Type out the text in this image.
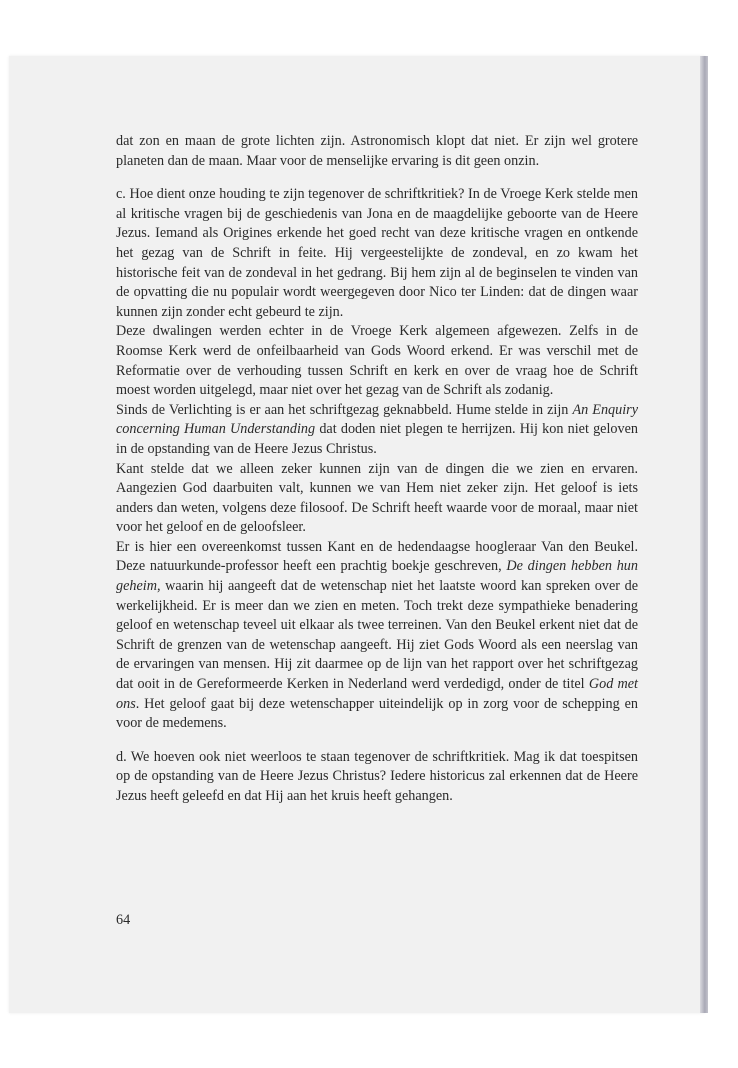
dat zon en maan de grote lichten zijn. Astronomisch klopt dat niet. Er zijn wel grotere planeten dan de maan. Maar voor de menselijke ervaring is dit geen onzin.

c. Hoe dient onze houding te zijn tegenover de schriftkritiek? In de Vroege Kerk stelde men al kritische vragen bij de geschiedenis van Jona en de maagdelijke geboorte van de Heere Jezus. Iemand als Origines erkende het goed recht van deze kritische vragen en ontkende het gezag van de Schrift in feite. Hij vergeestelijkte de zondeval, en zo kwam het historische feit van de zondeval in het gedrang. Bij hem zijn al de beginselen te vinden van de opvatting die nu populair wordt weergegeven door Nico ter Linden: dat de dingen waar kunnen zijn zonder echt gebeurd te zijn.

Deze dwalingen werden echter in de Vroege Kerk algemeen afgewezen. Zelfs in de Roomse Kerk werd de onfeilbaarheid van Gods Woord erkend. Er was verschil met de Reformatie over de verhouding tussen Schrift en kerk en over de vraag hoe de Schrift moest worden uitgelegd, maar niet over het gezag van de Schrift als zodanig.

Sinds de Verlichting is er aan het schriftgezag geknabbeld. Hume stelde in zijn An Enquiry concerning Human Understanding dat doden niet plegen te herrijzen. Hij kon niet geloven in de opstanding van de Heere Jezus Christus.

Kant stelde dat we alleen zeker kunnen zijn van de dingen die we zien en ervaren. Aangezien God daarbuiten valt, kunnen we van Hem niet zeker zijn. Het geloof is iets anders dan weten, volgens deze filosoof. De Schrift heeft waarde voor de moraal, maar niet voor het geloof en de geloofsleer.

Er is hier een overeenkomst tussen Kant en de hedendaagse hoogleraar Van den Beukel. Deze natuurkunde-professor heeft een prachtig boekje geschreven, De dingen hebben hun geheim, waarin hij aangeeft dat de wetenschap niet het laatste woord kan spreken over de werkelijkheid. Er is meer dan we zien en meten. Toch trekt deze sympathieke benadering geloof en wetenschap teveel uit elkaar als twee terreinen. Van den Beukel erkent niet dat de Schrift de grenzen van de wetenschap aangeeft. Hij ziet Gods Woord als een neerslag van de ervaringen van mensen. Hij zit daarmee op de lijn van het rapport over het schriftgezag dat ooit in de Gereformeerde Kerken in Nederland werd verdedigd, onder de titel God met ons. Het geloof gaat bij deze wetenschapper uiteindelijk op in zorg voor de schepping en voor de medemens.

d. We hoeven ook niet weerloos te staan tegenover de schriftkritiek. Mag ik dat toespitsen op de opstanding van de Heere Jezus Christus? Iedere historicus zal erkennen dat de Heere Jezus heeft geleefd en dat Hij aan het kruis heeft gehangen.

64
